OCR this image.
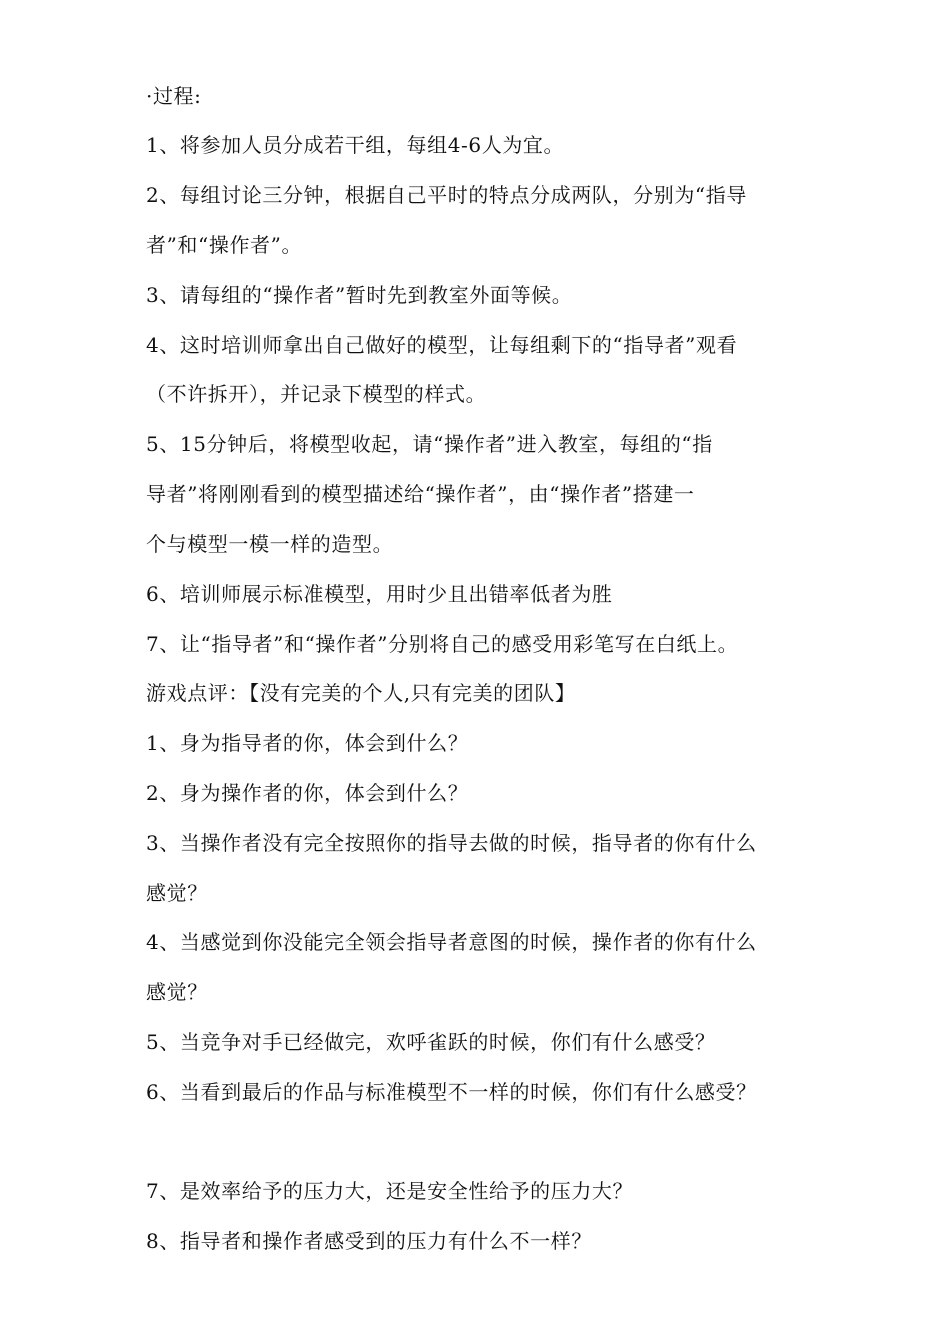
·过程:
1、将参加人员分成若干组，每组4-6人为宜。
2、每组讨论三分钟，根据自己平时的特点分成两队，分别为“指导
者”和“操作者”。
3、请每组的“操作者”暂时先到教室外面等候。
4、这时培训师拿出自己做好的模型，让每组剩下的“指导者”观看
（不许拆开），并记录下模型的样式。
5、15分钟后，将模型收起，请“操作者”进入教室，每组的“指
导者”将刚刚看到的模型描述给“操作者”，由“操作者”搭建一
个与模型一模一样的造型。
6、培训师展示标准模型，用时少且出错率低者为胜
7、让“指导者”和“操作者”分别将自己的感受用彩笔写在白纸上。
游戏点评：【没有完美的个人,只有完美的团队】
1、身为指导者的你，体会到什么？
2、身为操作者的你，体会到什么？
3、当操作者没有完全按照你的指导去做的时候，指导者的你有什么
感觉？
4、当感觉到你没能完全领会指导者意图的时候，操作者的你有什么
感觉？
5、当竞争对手已经做完，欢呼雀跃的时候，你们有什么感受？
6、当看到最后的作品与标准模型不一样的时候，你们有什么感受？
7、是效率给予的压力大，还是安全性给予的压力大？
8、指导者和操作者感受到的压力有什么不一样？
